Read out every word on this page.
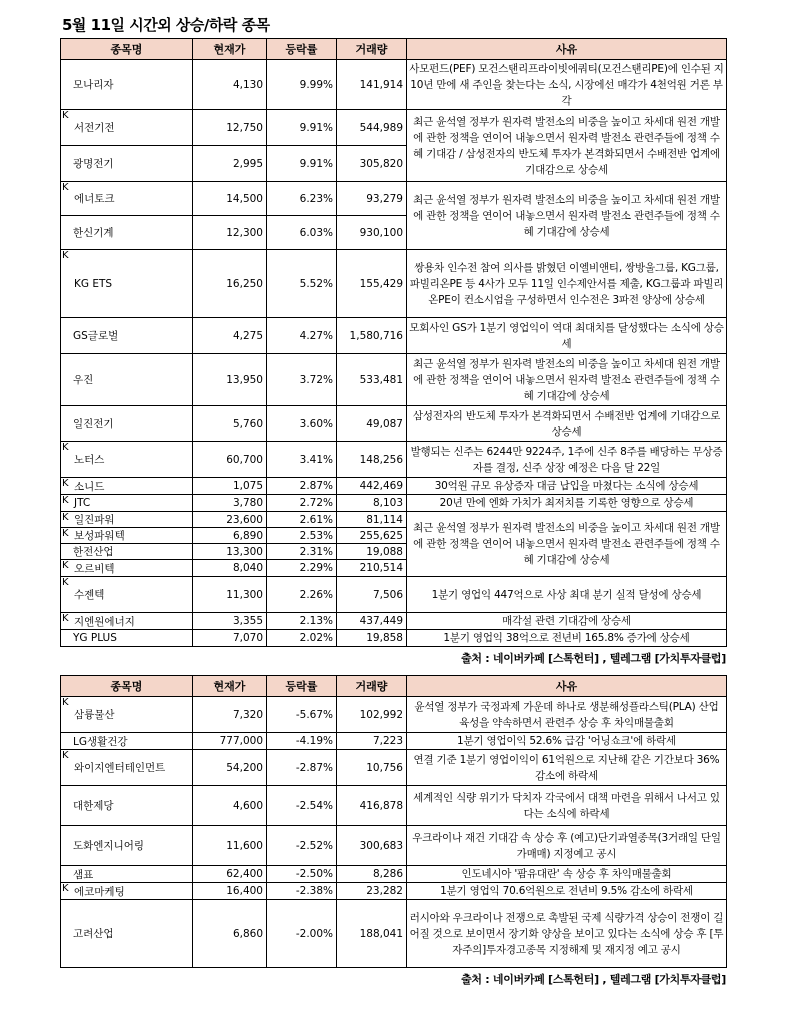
5월 11일 시간외 상승/하락 종목
종목명	현재가	등락률	거래량	사유
모나리자	4,130	9.99%	141,914	사모펀드(PEF) 모건스탠리프라이빗에쿼티(모건스탠리PE)에 인수된 지 10년 만에 새 주인을 찾는다는 소식, 시장에선 매각가 4천억원 거론 부각

K
서전기전	12,750	9.91%	544,989	최근 윤석열 정부가 원자력 발전소의 비중을 높이고 차세대 원전 개발에 관한 정책을 연이어 내놓으면서 원자력 발전소 관련주들에 정책 수혜 기대감 / 삼성전자의 반도체 투자가 본격화되면서 수배전반 업계에 기대감으로 상승세
광명전기	2,995	9.91%	305,820	

K
에너토크	14,500	6.23%	93,279	최근 윤석열 정부가 원자력 발전소의 비중을 높이고 차세대 원전 개발에 관한 정책을 연이어 내놓으면서 원자력 발전소 관련주들에 정책 수혜 기대감에 상승세
한신기계	12,300	6.03%	930,100	

K
KG ETS	16,250	5.52%	155,429	쌍용차 인수전 참여 의사를 밝혔던 이엘비앤티, 쌍방울그룹, KG그룹, 파빌리온PE 등 4사가 모두 11일 인수제안서를 제출, KG그룹과 파빌리온PE이 컨소시엄을 구성하면서 인수전은 3파전 양상에 상승세
GS글로벌	4,275	4.27%	1,580,716	모회사인 GS가 1분기 영업익이 역대 최대치를 달성했다는 소식에 상승세
우진	13,950	3.72%	533,481	최근 윤석열 정부가 원자력 발전소의 비중을 높이고 차세대 원전 개발에 관한 정책을 연이어 내놓으면서 원자력 발전소 관련주들에 정책 수혜 기대감에 상승세
일진전기	5,760	3.60%	49,087	삼성전자의 반도체 투자가 본격화되면서 수배전반 업계에 기대감으로 상승세

K
노터스	60,700	3.41%	148,256	발행되는 신주는 6244만 9224주, 1주에 신주 8주를 배당하는 무상증자를 결정, 신주 상장 예정은 다음 달 22일

K 소니드	1,075	2.87%	442,469	30억원 규모 유상증자 대금 납입을 마쳤다는 소식에 상승세

K JTC	3,780	2.72%	8,103	20년 만에 엔화 가치가 최저치를 기록한 영향으로 상승세

K 일진파워	23,600	2.61%	81,114	최근 윤석열 정부가 원자력 발전소의 비중을 높이고 차세대 원전 개발에 관한 정책을 연이어 내놓으면서 원자력 발전소 관련주들에 정책 수혜 기대감에 상승세

K 보성파워텍	6,890	2.53%	255,625	
한전산업	13,300	2.31%	19,088	

K 오르비텍	8,040	2.29%	210,514	

K
수젠텍	11,300	2.26%	7,506	1분기 영업익 447억으로 사상 최대 분기 실적 달성에 상승세

K 지엔원에너지	3,355	2.13%	437,449	매각설 관련 기대감에 상승세
YG PLUS	7,070	2.02%	19,858	1분기 영업익 38억으로 전년비 165.8% 증가에 상승세
출처 : 네이버카페 [스톡헌터] , 텔레그램 [가치투자클럽]
종목명	현재가	등락률	거래량	사유

K
삼륭물산	7,320	-5.67%	102,992	윤석열 정부가 국정과제 가운데 하나로 생분해성플라스틱(PLA) 산업 육성을 약속하면서 관련주 상승 후 차익매물출회
LG생활건강	777,000	-4.19%	7,223	1분기 영업이익 52.6% 급감 '어닝쇼크'에 하락세

K
와이지엔터테인먼트	54,200	-2.87%	10,756	연결 기준 1분기 영업이익이 61억원으로 지난해 같은 기간보다 36% 감소에 하락세
대한제당	4,600	-2.54%	416,878	세계적인 식량 위기가 닥치자 각국에서 대책 마련을 위해서 나서고 있다는 소식에 하락세
도화엔지니어링	11,600	-2.52%	300,683	우크라이나 재건 기대감 속 상승 후 (예고)단기과열종목(3거래일 단일가매매) 지정예고 공시
샘표	62,400	-2.50%	8,286	인도네시아 '팜유대란' 속 상승 후 차익매물출회

K 에코마케팅	16,400	-2.38%	23,282	1분기 영업익 70.6억원으로 전년비 9.5% 감소에 하락세
고려산업	6,860	-2.00%	188,041	러시아와 우크라이나 전쟁으로 촉발된 국제 식량가격 상승이 전쟁이 길어질 것으로 보이면서 장기화 양상을 보이고 있다는 소식에 상승 후 [투자주의]투자경고종목 지정해제 및 재지정 예고 공시
출처 : 네이버카페 [스톡헌터] , 텔레그램 [가치투자클럽]
